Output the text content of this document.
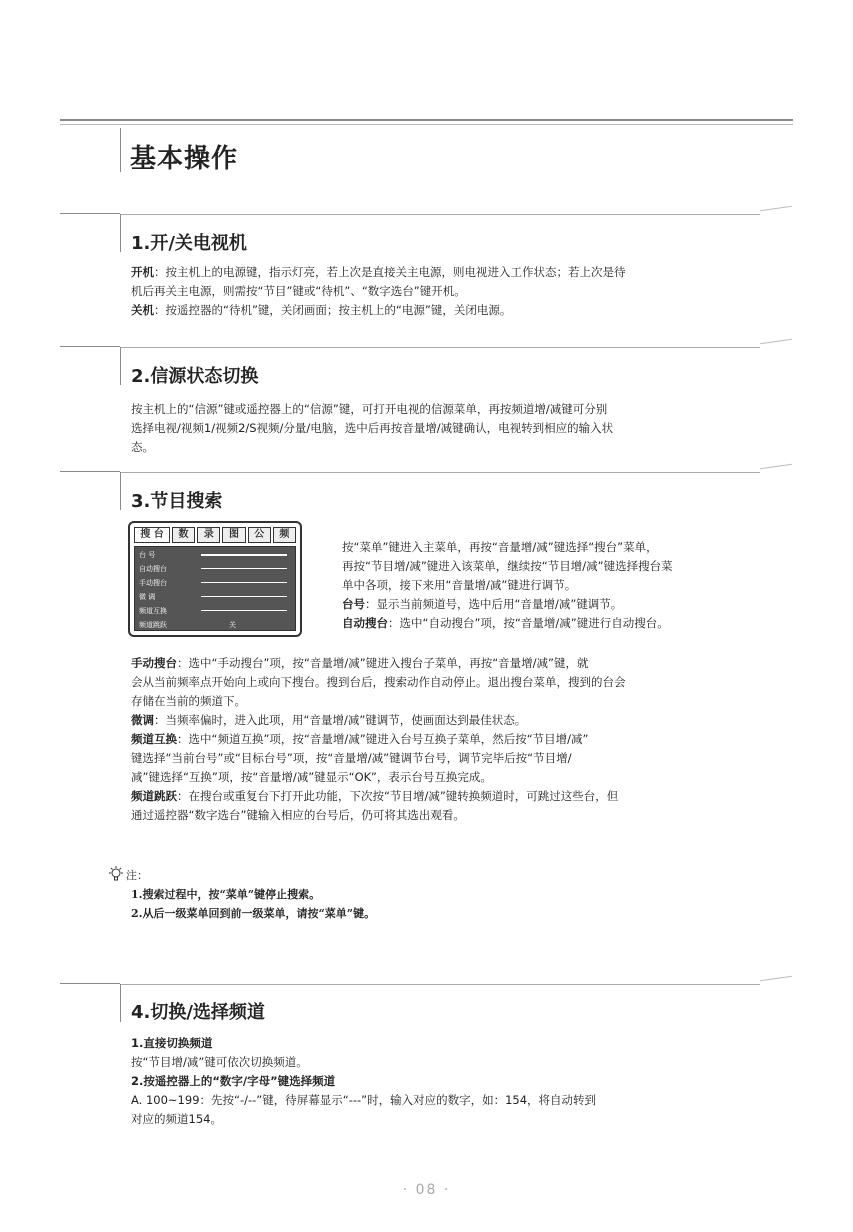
基本操作
1.开/关电视机
开机：按主机上的电源键，指示灯亮，若上次是直接关主电源，则电视进入工作状态；若上次是待
机后再关主电源，则需按“节目”键或“待机”、“数字选台”键开机。
关机：按遥控器的“待机”键，关闭画面；按主机上的“电源”键，关闭电源。
2.信源状态切换
按主机上的“信源”键或遥控器上的“信源”键，可打开电视的信源菜单，再按频道增/减键可分别
选择电视/视频1/视频2/S视频/分量/电脑，选中后再按音量增/减键确认，电视转到相应的输入状
态。
3.节目搜索
搜 台	数	录	图	公	频
台 号
自动搜台
手动搜台
微 调
频道互换
频道跳跃	关
按“菜单”键进入主菜单，再按“音量增/减”键选择“搜台”菜单，
再按“节目增/减”键进入该菜单，继续按“节目增/减”键选择搜台菜
单中各项，接下来用“音量增/减”键进行调节。
台号：显示当前频道号，选中后用“音量增/减”键调节。
自动搜台：选中“自动搜台”项，按“音量增/减”键进行自动搜台。
手动搜台：选中“手动搜台”项，按“音量增/减”键进入搜台子菜单，再按“音量增/减”键，就
会从当前频率点开始向上或向下搜台。搜到台后，搜索动作自动停止。退出搜台菜单，搜到的台会
存储在当前的频道下。
微调：当频率偏时，进入此项，用“音量增/减”键调节，使画面达到最佳状态。
频道互换：选中“频道互换”项，按“音量增/减”键进入台号互换子菜单，然后按“节目增/减”
键选择“当前台号”或“目标台号”项，按“音量增/减”键调节台号，调节完毕后按“节目增/
减”键选择“互换”项，按“音量增/减”键显示“OK”，表示台号互换完成。
频道跳跃：在搜台或重复台下打开此功能，下次按“节目增/减”键转换频道时，可跳过这些台，但
通过遥控器“数字选台”键输入相应的台号后，仍可将其选出观看。
注：

1.搜索过程中，按“菜单”键停止搜索。
2.从后一级菜单回到前一级菜单，请按“菜单”键。
4.切换/选择频道
1.直接切换频道
按“节目增/减”键可依次切换频道。
2.按遥控器上的“数字/字母”键选择频道
A. 100~199：先按“-/--”键，待屏幕显示“---”时，输入对应的数字，如：154，将自动转到
对应的频道154。
· 08 ·
